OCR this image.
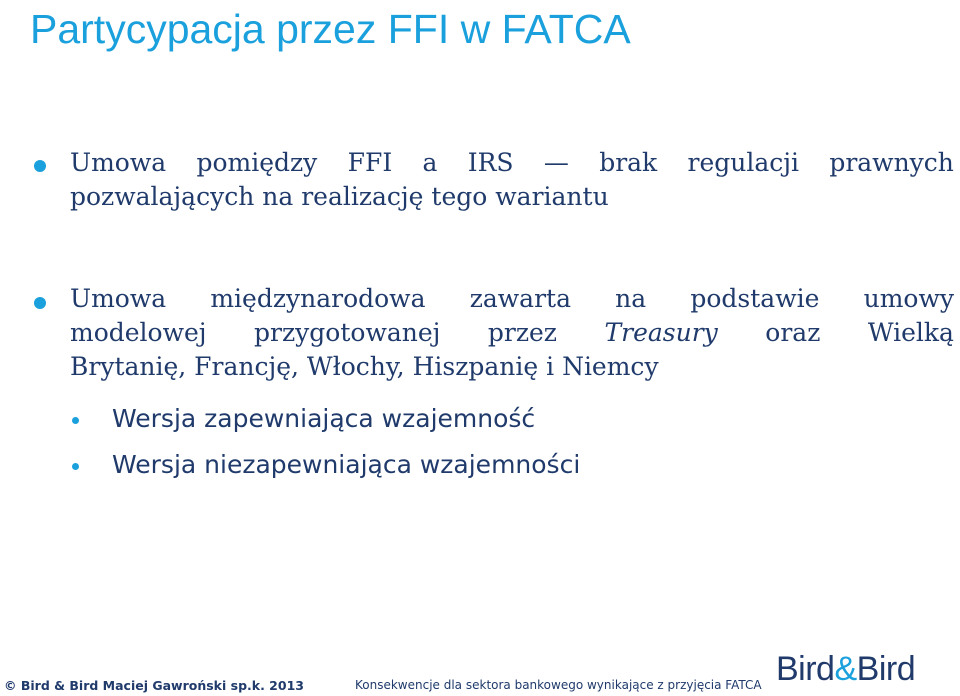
Partycypacja przez FFI w FATCA
Umowa pomiędzy FFI a IRS — brak regulacji prawnych
pozwalających na realizację tego wariantu
Umowa międzynarodowa zawarta na podstawie umowy
modelowej przygotowanej przez Treasury oraz Wielką
Brytanię, Francję, Włochy, Hiszpanię i Niemcy
Wersja zapewniająca wzajemność
Wersja niezapewniająca wzajemności
© Bird & Bird Maciej Gawroński sp.k. 2013	Konsekwencje dla sektora bankowego wynikające z przyjęcia FATCA Bird&Bird
